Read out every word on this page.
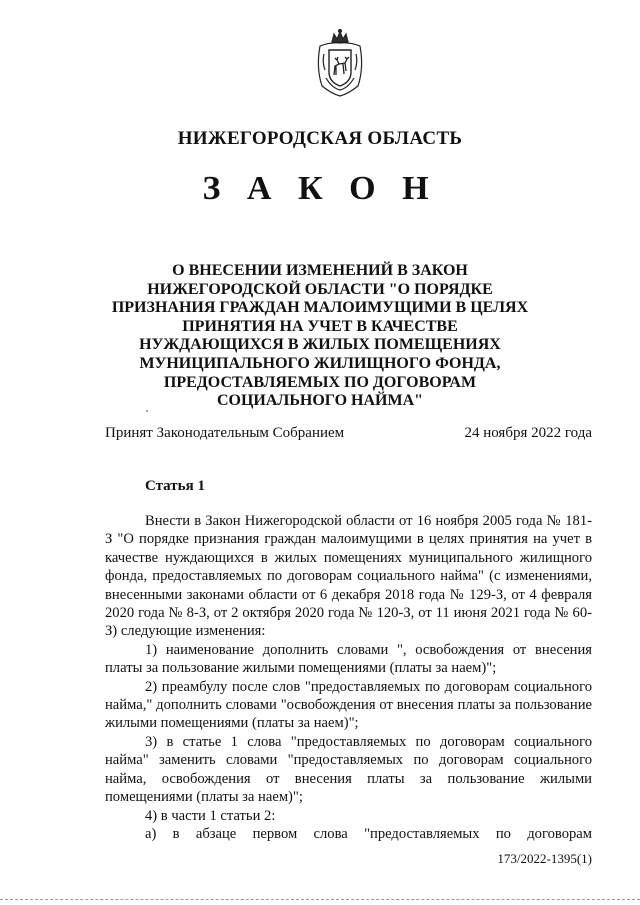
НИЖЕГОРОДСКАЯ ОБЛАСТЬ
З А К О Н
О ВНЕСЕНИИ ИЗМЕНЕНИЙ В ЗАКОН НИЖЕГОРОДСКОЙ ОБЛАСТИ "О ПОРЯДКЕ ПРИЗНАНИЯ ГРАЖДАН МАЛОИМУЩИМИ В ЦЕЛЯХ ПРИНЯТИЯ НА УЧЕТ В КАЧЕСТВЕ НУЖДАЮЩИХСЯ В ЖИЛЫХ ПОМЕЩЕНИЯХ МУНИЦИПАЛЬНОГО ЖИЛИЩНОГО ФОНДА, ПРЕДОСТАВЛЯЕМЫХ ПО ДОГОВОРАМ СОЦИАЛЬНОГО НАЙМА"
Принят Законодательным Собранием	24 ноября 2022 года
Статья 1

Внести в Закон Нижегородской области от 16 ноября 2005 года № 181-З "О порядке признания граждан малоимущими в целях принятия на учет в качестве нуждающихся в жилых помещениях муниципального жилищного фонда, предоставляемых по договорам социального найма" (с изменениями, внесенными законами области от 6 декабря 2018 года № 129-З, от 4 февраля 2020 года № 8-З, от 2 октября 2020 года № 120-З, от 11 июня 2021 года № 60-З) следующие изменения:

1) наименование дополнить словами ", освобождения от внесения платы за пользование жилыми помещениями (платы за наем)";

2) преамбулу после слов "предоставляемых по договорам социального найма," дополнить словами "освобождения от внесения платы за пользование жилыми помещениями (платы за наем)";

3) в статье 1 слова "предоставляемых по договорам социального найма" заменить словами "предоставляемых по договорам социального найма, освобождения от внесения платы за пользование жилыми помещениями (платы за наем)";

4) в части 1 статьи 2:

а) в абзаце первом слова "предоставляемых по договорам

173/2022-1395(1)
